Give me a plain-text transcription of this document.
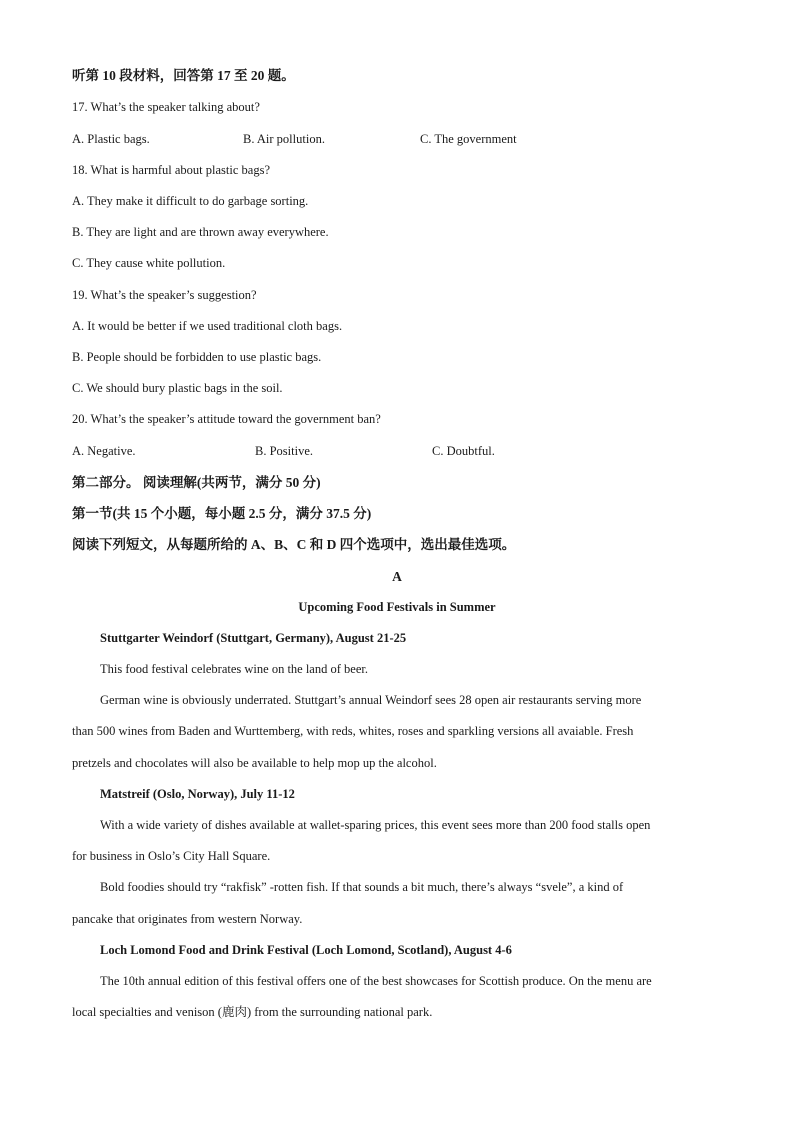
听第 10 段材料，回答第 17 至 20 题。
17. What’s the speaker talking about?
A. Plastic bags.	B. Air pollution.	C. The government
18. What is harmful about plastic bags?
A. They make it difficult to do garbage sorting.
B. They are light and are thrown away everywhere.
C. They cause white pollution.
19. What’s the speaker’s suggestion?
A. It would be better if we used traditional cloth bags.
B. People should be forbidden to use plastic bags.
C. We should bury plastic bags in the soil.
20. What’s the speaker’s attitude toward the government ban?
A. Negative.	B. Positive.	C. Doubtful.
第二部分。 阅读理解(共两节，满分 50 分)
第一节(共 15 个小题，每小题 2.5 分，满分 37.5 分)
阅读下列短文，从每题所给的 A、B、C 和 D 四个选项中，选出最佳选项。
A
Upcoming Food Festivals in Summer
Stuttgarter Weindorf (Stuttgart, Germany), August 21-25
This food festival celebrates wine on the land of beer.
German wine is obviously underrated. Stuttgart’s annual Weindorf sees 28 open air restaurants serving more
than 500 wines from Baden and Wurttemberg, with reds, whites, roses and sparkling versions all avaiable. Fresh
pretzels and chocolates will also be available to help mop up the alcohol.
Matstreif (Oslo, Norway), July 11-12
With a wide variety of dishes available at wallet-sparing prices, this event sees more than 200 food stalls open
for business in Oslo’s City Hall Square.
Bold foodies should try “rakfisk” -rotten fish. If that sounds a bit much, there’s always “svele”, a kind of
pancake that originates from western Norway.
Loch Lomond Food and Drink Festival (Loch Lomond, Scotland), August 4-6
The 10th annual edition of this festival offers one of the best showcases for Scottish produce. On the menu are
local specialties and venison (鹿肉) from the surrounding national park.
